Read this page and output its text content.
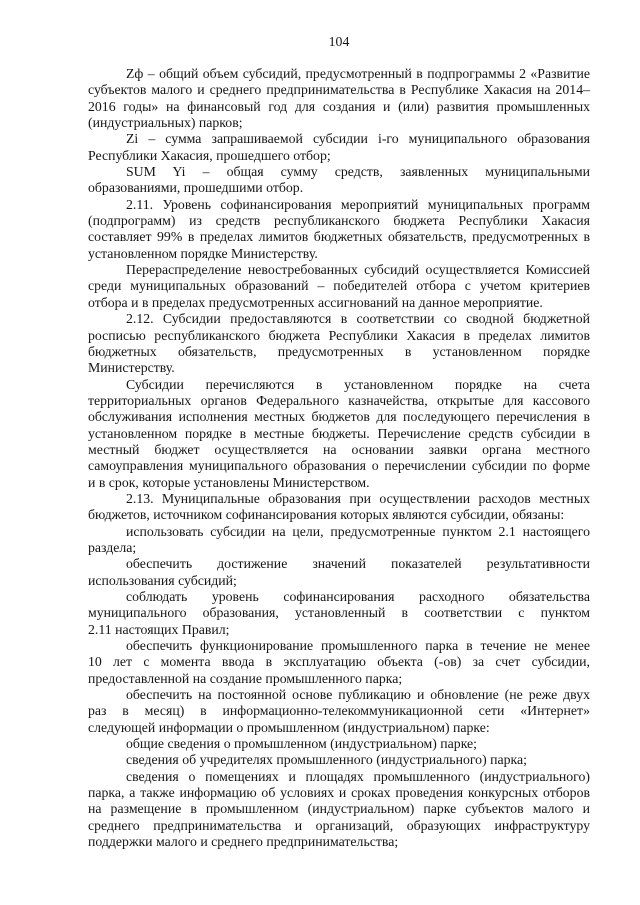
104

Zф – общий объем субсидий, предусмотренный в подпрограммы 2 «Развитие
субъектов малого и среднего предпринимательства в Республике Хакасия на 2014–
2016 годы» на финансовый год для создания и (или) развития промышленных
(индустриальных) парков;

Zi – сумма запрашиваемой субсидии i-го муниципального образования
Республики Хакасия, прошедшего отбор;

SUM Yi – общая сумму средств, заявленных муниципальными
образованиями, прошедшими отбор.

2.11. Уровень софинансирования мероприятий муниципальных программ
(подпрограмм) из средств республиканского бюджета Республики Хакасия
составляет 99% в пределах лимитов бюджетных обязательств, предусмотренных в
установленном порядке Министерству.

Перераспределение невостребованных субсидий осуществляется Комиссией
среди муниципальных образований – победителей отбора с учетом критериев
отбора и в пределах предусмотренных ассигнований на данное мероприятие.

2.12. Субсидии предоставляются в соответствии со сводной бюджетной
росписью республиканского бюджета Республики Хакасия в пределах лимитов
бюджетных обязательств, предусмотренных в установленном порядке
Министерству.

Субсидии перечисляются в установленном порядке на счета
территориальных органов Федерального казначейства, открытые для кассового
обслуживания исполнения местных бюджетов для последующего перечисления в
установленном порядке в местные бюджеты. Перечисление средств субсидии в
местный бюджет осуществляется на основании заявки органа местного
самоуправления муниципального образования о перечислении субсидии по форме
и в срок, которые установлены Министерством.

2.13. Муниципальные образования при осуществлении расходов местных
бюджетов, источником софинансирования которых являются субсидии, обязаны:

использовать субсидии на цели, предусмотренные пунктом 2.1 настоящего
раздела;

обеспечить достижение значений показателей результативности
использования субсидий;

соблюдать уровень софинансирования расходного обязательства
муниципального образования, установленный в соответствии с пунктом
2.11 настоящих Правил;

обеспечить функционирование промышленного парка в течение не менее
10 лет с момента ввода в эксплуатацию объекта (-ов) за счет субсидии,
предоставленной на создание промышленного парка;

обеспечить на постоянной основе публикацию и обновление (не реже двух
раз в месяц) в информационно-телекоммуникационной сети «Интернет»
следующей информации о промышленном (индустриальном) парке:

общие сведения о промышленном (индустриальном) парке;

сведения об учредителях промышленного (индустриального) парка;

сведения о помещениях и площадях промышленного (индустриального)
парка, а также информацию об условиях и сроках проведения конкурсных отборов
на размещение в промышленном (индустриальном) парке субъектов малого и
среднего предпринимательства и организаций, образующих инфраструктуру
поддержки малого и среднего предпринимательства;
